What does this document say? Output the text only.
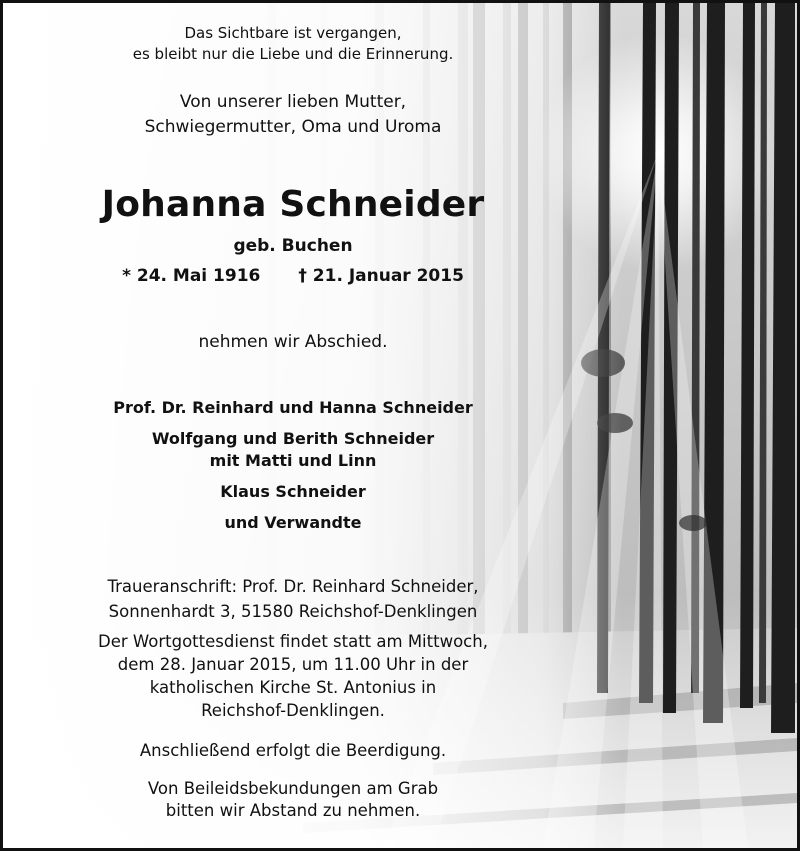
Das Sichtbare ist vergangen,
es bleibt nur die Liebe und die Erinnerung.
Von unserer lieben Mutter,
Schwiegermutter, Oma und Uroma
Johanna Schneider
geb. Buchen
* 24. Mai 1916 † 21. Januar 2015
nehmen wir Abschied.
Prof. Dr. Reinhard und Hanna Schneider
Wolfgang und Berith Schneider
mit Matti und Linn
Klaus Schneider
und Verwandte
Traueranschrift: Prof. Dr. Reinhard Schneider,
Sonnenhardt 3, 51580 Reichshof-Denklingen
Der Wortgottesdienst findet statt am Mittwoch,
dem 28. Januar 2015, um 11.00 Uhr in der
katholischen Kirche St. Antonius in
Reichshof-Denklingen.
Anschließend erfolgt die Beerdigung.
Von Beileidsbekundungen am Grab
bitten wir Abstand zu nehmen.
